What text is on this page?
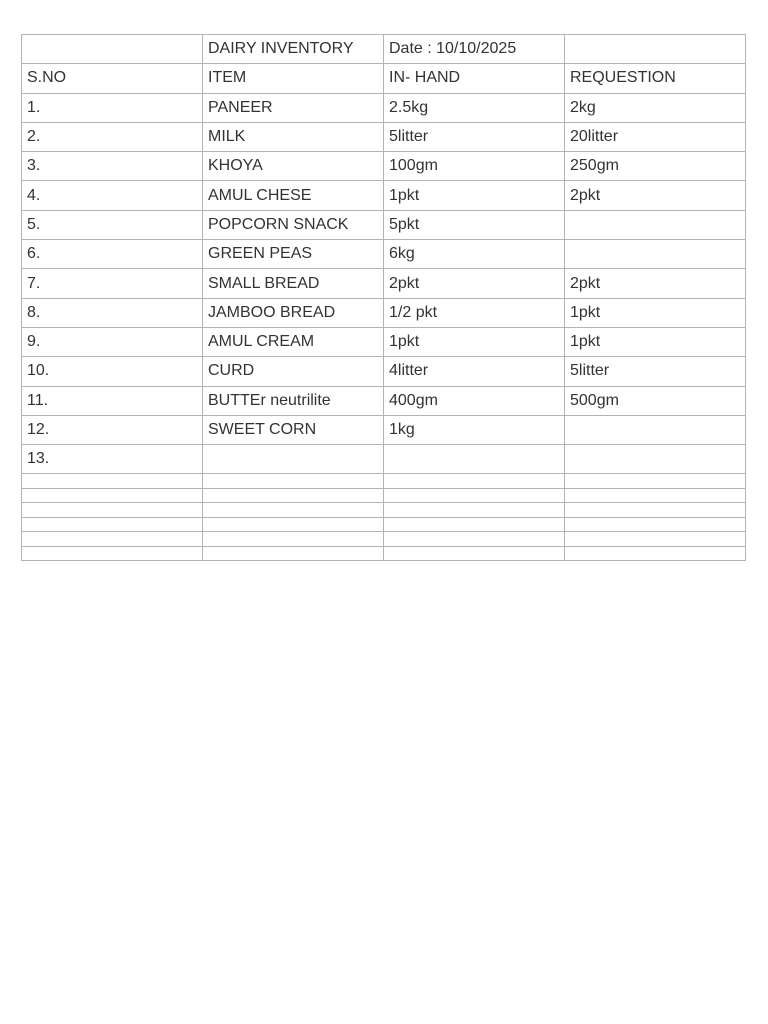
	DAIRY INVENTORY	Date : 10/10/2025	
S.NO	ITEM	IN- HAND	REQUESTION
1.	PANEER	2.5kg	2kg
2.	MILK	5litter	20litter
3.	KHOYA	100gm	250gm
4.	AMUL CHESE	1pkt	2pkt
5.	POPCORN SNACK	5pkt	
6.	GREEN PEAS	6kg	
7.	SMALL BREAD	2pkt	2pkt
8.	JAMBOO BREAD	1/2 pkt	1pkt
9.	AMUL CREAM	1pkt	1pkt
10.	CURD	4litter	5litter
11.	BUTTEr neutrilite	400gm	500gm
12.	SWEET CORN	1kg	
13.			
